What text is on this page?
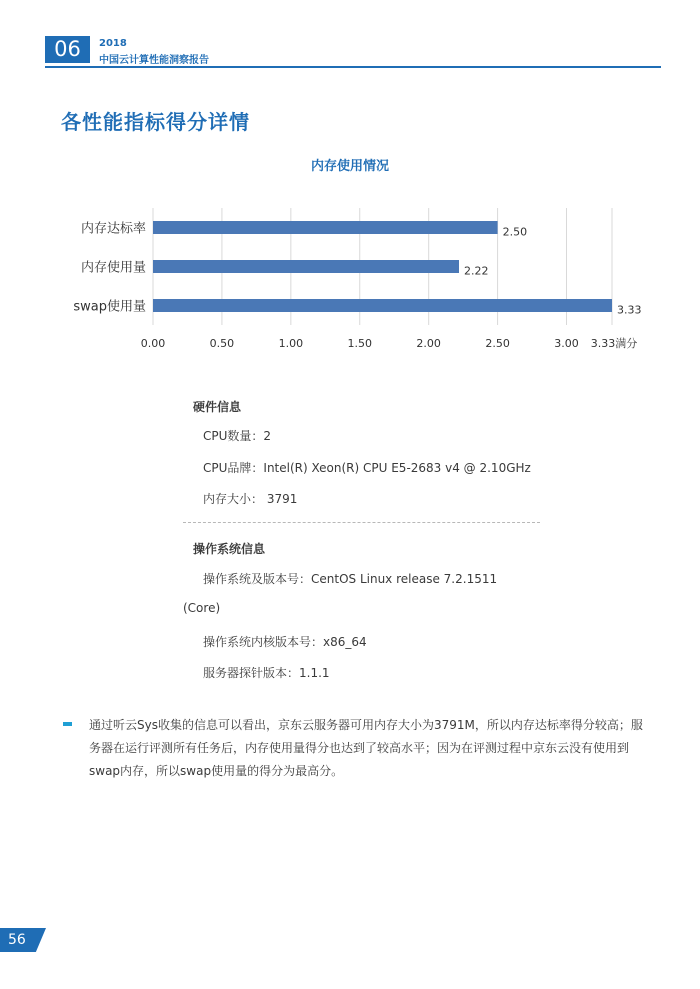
06	2018
中国云计算性能洞察报告
各性能指标得分详情
内存使用情况
内存达标率	2.50
内存使用量	2.22
swap使用量	3.33
0.00	0.50	1.00	1.50	2.00	2.50	3.00 3.33满分
硬件信息
CPU数量：2
CPU品牌：Intel(R) Xeon(R) CPU E5-2683 v4 @ 2.10GHz
内存大小： 3791
操作系统信息
操作系统及版本号：CentOS Linux release 7.2.1511
(Core)
操作系统内核版本号：x86_64
服务器探针版本：1.1.1
通过听云Sys收集的信息可以看出，京东云服务器可用内存大小为3791M，所以内存达标率得分较高；服务器在运行评测所有任务后，内存使用量得分也达到了较高水平；因为在评测过程中京东云没有使用到swap内存，所以swap使用量的得分为最高分。
56
